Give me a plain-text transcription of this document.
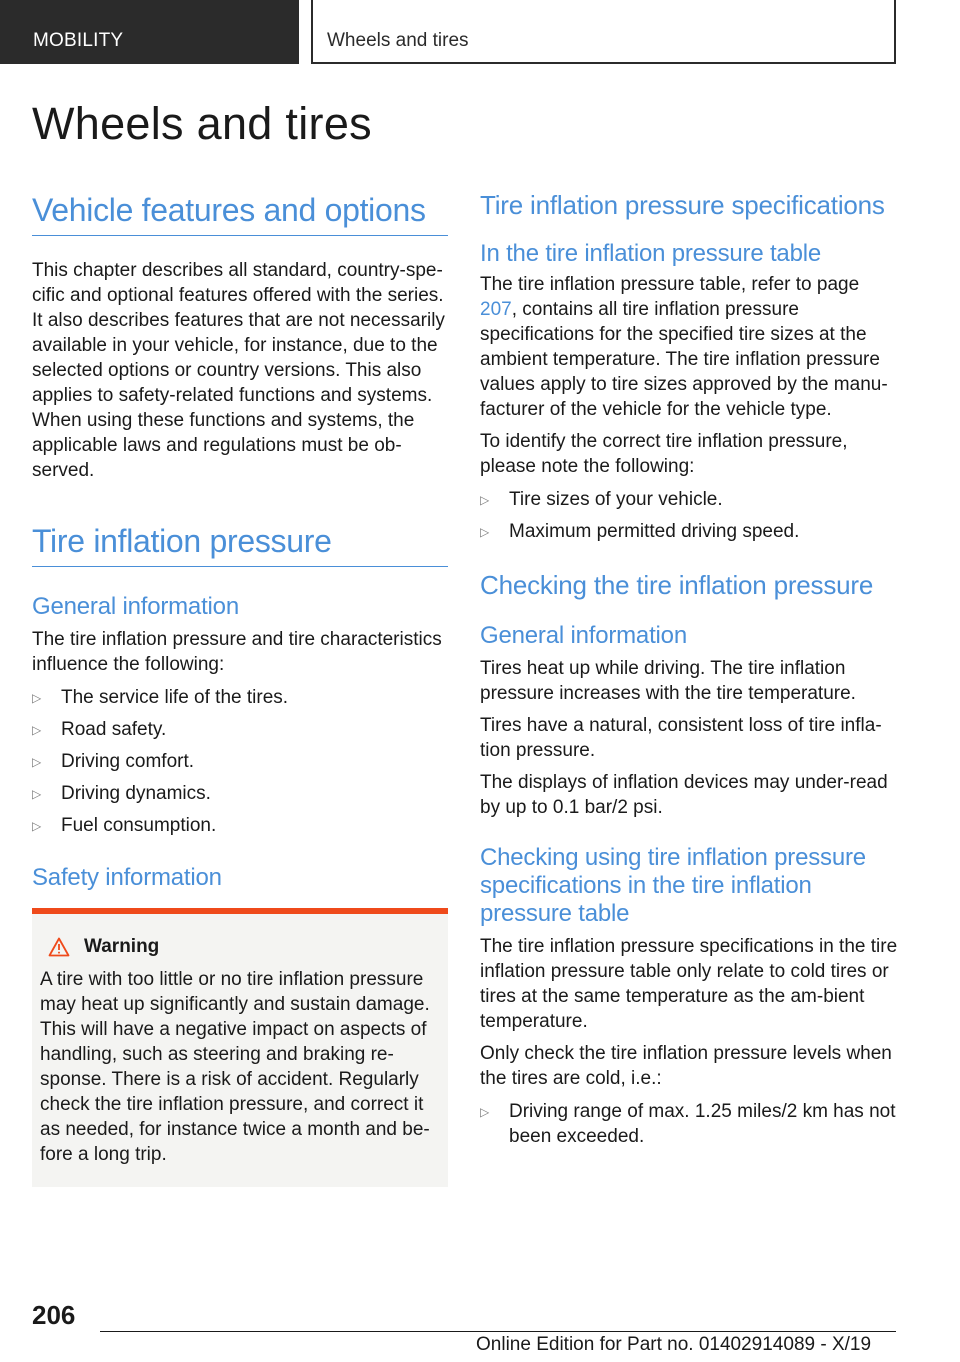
MOBILITY	Wheels and tires
Wheels and tires
Vehicle features and options

This chapter describes all standard, country-spe-cific and optional features offered with the series. It also describes features that are not necessarily available in your vehicle, for instance, due to the selected options or country versions. This also applies to safety-related functions and systems. When using these functions and systems, the applicable laws and regulations must be ob-served.

Tire inflation pressure
General information

The tire inflation pressure and tire characteristics influence the following:

▷ The service life of the tires.
▷ Road safety.
▷ Driving comfort.
▷ Driving dynamics.
▷ Fuel consumption.
Safety information
Warning

A tire with too little or no tire inflation pressure may heat up significantly and sustain damage. This will have a negative impact on aspects of handling, such as steering and braking re-sponse. There is a risk of accident. Regularly check the tire inflation pressure, and correct it as needed, for instance twice a month and be-fore a long trip.

Tire inflation pressure specifications
In the tire inflation pressure table

The tire inflation pressure table, refer to page 207, contains all tire inflation pressure specifications for the specified tire sizes at the ambient temperature. The tire inflation pressure values apply to tire sizes approved by the manu-facturer of the vehicle for the vehicle type.

To identify the correct tire inflation pressure, please note the following:

▷ Tire sizes of your vehicle.
▷ Maximum permitted driving speed.
Checking the tire inflation pressure
General information

Tires heat up while driving. The tire inflation pressure increases with the tire temperature.

Tires have a natural, consistent loss of tire infla-tion pressure.

The displays of inflation devices may under-read by up to 0.1 bar/2 psi.

Checking using tire inflation pressure specifications in the tire inflation pressure table

The tire inflation pressure specifications in the tire inflation pressure table only relate to cold tires or tires at the same temperature as the am-bient temperature.

Only check the tire inflation pressure levels when the tires are cold, i.e.:

▷ Driving range of max. 1.25 miles/2 km has not been exceeded.
206
Online Edition for Part no. 01402914089 - X/19
